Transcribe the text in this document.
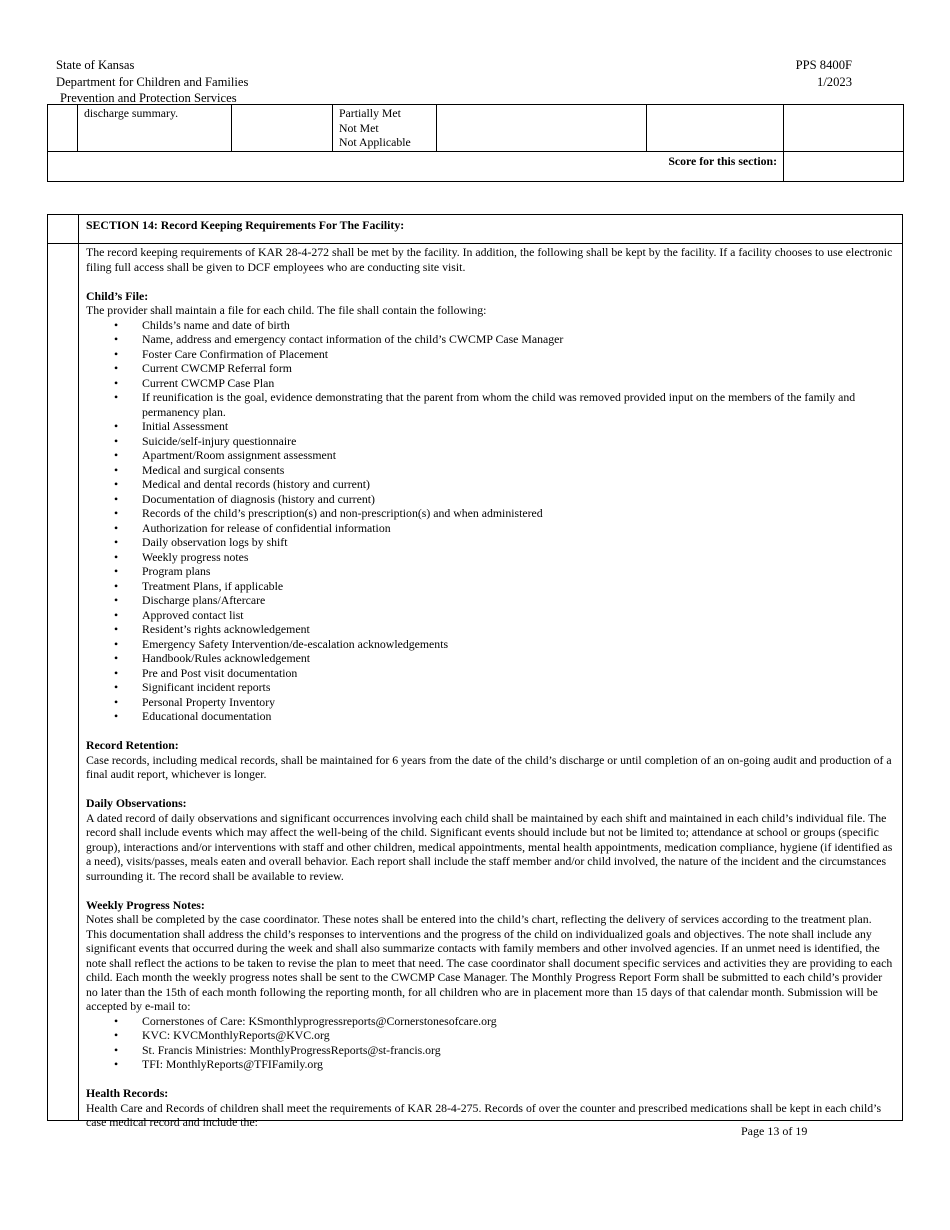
State of Kansas
Department for Children and Families
Prevention and Protection Services
PPS 8400F
1/2023
	discharge summary.		Partially Met
Not Met
Not Applicable			

Score for this section:						
SECTION 14: Record Keeping Requirements For The Facility:

The record keeping requirements of KAR 28-4-272 shall be met by the facility. In addition, the following shall be kept by the facility. If a facility chooses to use electronic filing full access shall be given to DCF employees who are conducting site visit.

Child’s File:

The provider shall maintain a file for each child. The file shall contain the following:

• Childs’s name and date of birth
• Name, address and emergency contact information of the child’s CWCMP Case Manager
• Foster Care Confirmation of Placement
• Current CWCMP Referral form
• Current CWCMP Case Plan
• If reunification is the goal, evidence demonstrating that the parent from whom the child was removed provided input on the members of the family and permanency plan.
• Initial Assessment
• Suicide/self-injury questionnaire
• Apartment/Room assignment assessment
• Medical and surgical consents
• Medical and dental records (history and current)
• Documentation of diagnosis (history and current)
• Records of the child’s prescription(s) and non-prescription(s) and when administered
• Authorization for release of confidential information
• Daily observation logs by shift
• Weekly progress notes
• Program plans
• Treatment Plans, if applicable
• Discharge plans/Aftercare
• Approved contact list
• Resident’s rights acknowledgement
• Emergency Safety Intervention/de-escalation acknowledgements
• Handbook/Rules acknowledgement
• Pre and Post visit documentation
• Significant incident reports
• Personal Property Inventory
• Educational documentation

Record Retention:

Case records, including medical records, shall be maintained for 6 years from the date of the child’s discharge or until completion of an on-going audit and production of a final audit report, whichever is longer.

Daily Observations:

A dated record of daily observations and significant occurrences involving each child shall be maintained by each shift and maintained in each child’s individual file. The record shall include events which may affect the well-being of the child. Significant events should include but not be limited to; attendance at school or groups (specific group), interactions and/or interventions with staff and other children, medical appointments, mental health appointments, medication compliance, hygiene (if identified as a need), visits/passes, meals eaten and overall behavior. Each report shall include the staff member and/or child involved, the nature of the incident and the circumstances surrounding it. The record shall be available to review.

Weekly Progress Notes:

Notes shall be completed by the case coordinator. These notes shall be entered into the child’s chart, reflecting the delivery of services according to the treatment plan. This documentation shall address the child’s responses to interventions and the progress of the child on individualized goals and objectives. The note shall include any significant events that occurred during the week and shall also summarize contacts with family members and other involved agencies. If an unmet need is identified, the note shall reflect the actions to be taken to revise the plan to meet that need. The case coordinator shall document specific services and activities they are providing to each child. Each month the weekly progress notes shall be sent to the CWCMP Case Manager. The Monthly Progress Report Form shall be submitted to each child’s provider no later than the 15th of each month following the reporting month, for all children who are in placement more than 15 days of that calendar month. Submission will be accepted by e-mail to:

• Cornerstones of Care: KSmonthlyprogressreports@Cornerstonesofcare.org
• KVC: KVCMonthlyReports@KVC.org
• St. Francis Ministries: MonthlyProgressReports@st-francis.org
• TFI: MonthlyReports@TFIFamily.org

Health Records:

Health Care and Records of children shall meet the requirements of KAR 28-4-275. Records of over the counter and prescribed medications shall be kept in each child’s case medical record and include the:

Page 13 of 19
